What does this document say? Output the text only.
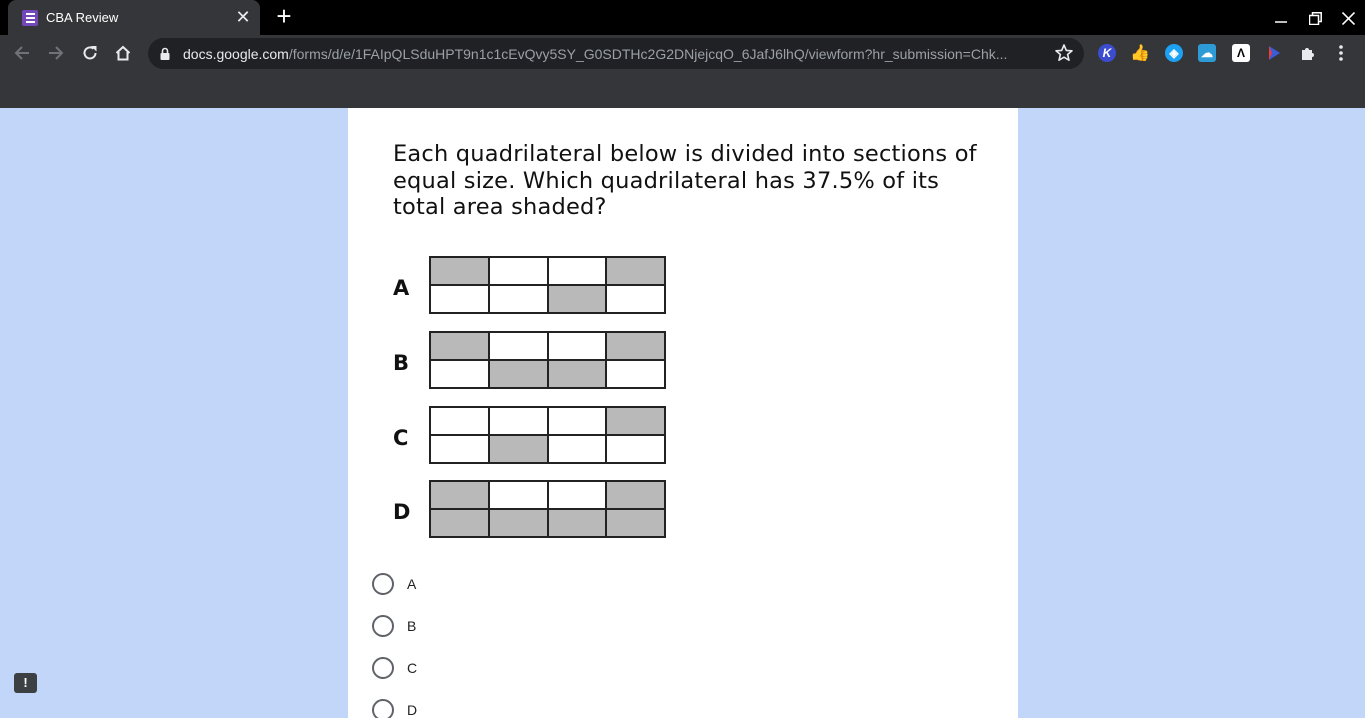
CBA Review	✕ +
docs.google.com/forms/d/e/1FAIpQLSduHPT9n1c1cEvQvy5SY_G0SDTHc2G2DNjejcqO_6JafJ6lhQ/viewform?hr_submission=Chk...	K 👍	◈	☁	Λ
Each quadrilateral below is divided into sections of equal size. Which quadrilateral has 37.5% of its total area shaded?
A
B
C
D
A
B
C
D
!
